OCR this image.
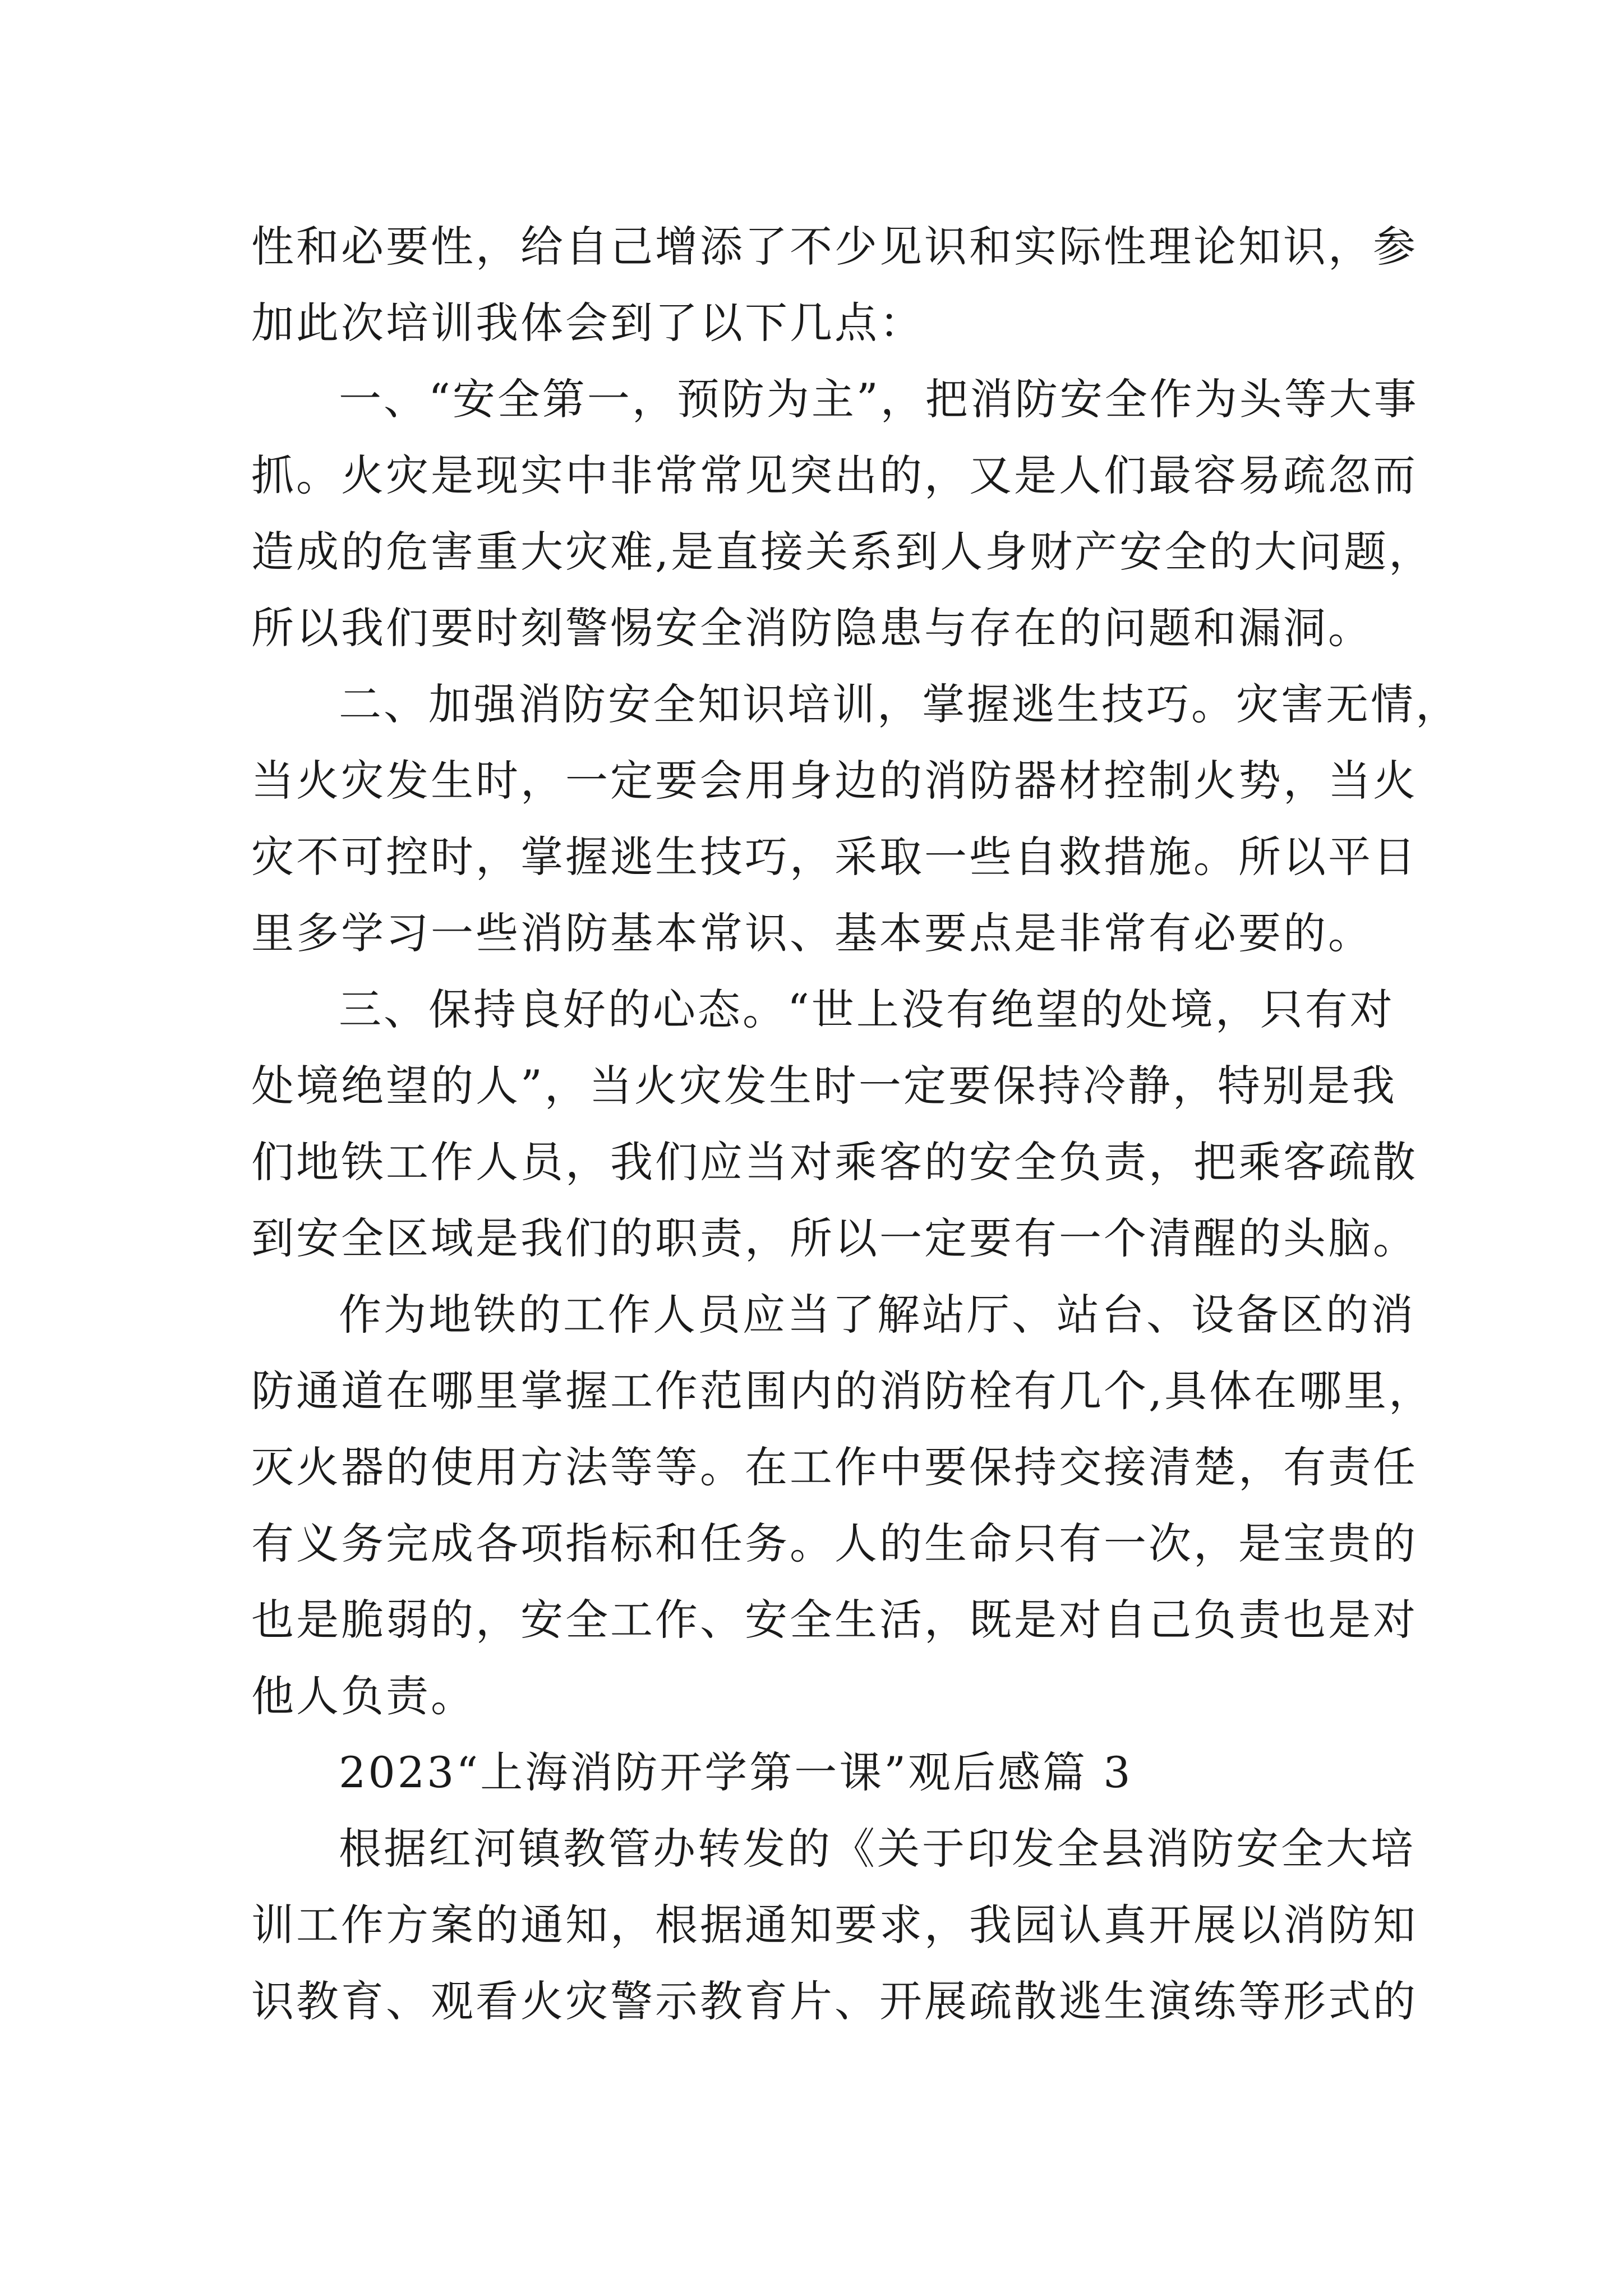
性和必要性，给自己增添了不少见识和实际性理论知识，参
加此次培训我体会到了以下几点：
一、“安全第一，预防为主”，把消防安全作为头等大事
抓。火灾是现实中非常常见突出的，又是人们最容易疏忽而
造成的危害重大灾难,是直接关系到人身财产安全的大问题，
所以我们要时刻警惕安全消防隐患与存在的问题和漏洞。
二、加强消防安全知识培训，掌握逃生技巧。灾害无情，
当火灾发生时，一定要会用身边的消防器材控制火势，当火
灾不可控时，掌握逃生技巧，采取一些自救措施。所以平日
里多学习一些消防基本常识、基本要点是非常有必要的。
三、保持良好的心态。“世上没有绝望的处境，只有对
处境绝望的人”，当火灾发生时一定要保持冷静，特别是我
们地铁工作人员，我们应当对乘客的安全负责，把乘客疏散
到安全区域是我们的职责，所以一定要有一个清醒的头脑。
作为地铁的工作人员应当了解站厅、站台、设备区的消
防通道在哪里掌握工作范围内的消防栓有几个,具体在哪里，
灭火器的使用方法等等。在工作中要保持交接清楚，有责任
有义务完成各项指标和任务。人的生命只有一次，是宝贵的
也是脆弱的，安全工作、安全生活，既是对自己负责也是对
他人负责。
2023“上海消防开学第一课”观后感篇 3
根据红河镇教管办转发的《关于印发全县消防安全大培
训工作方案的通知，根据通知要求，我园认真开展以消防知
识教育、观看火灾警示教育片、开展疏散逃生演练等形式的
